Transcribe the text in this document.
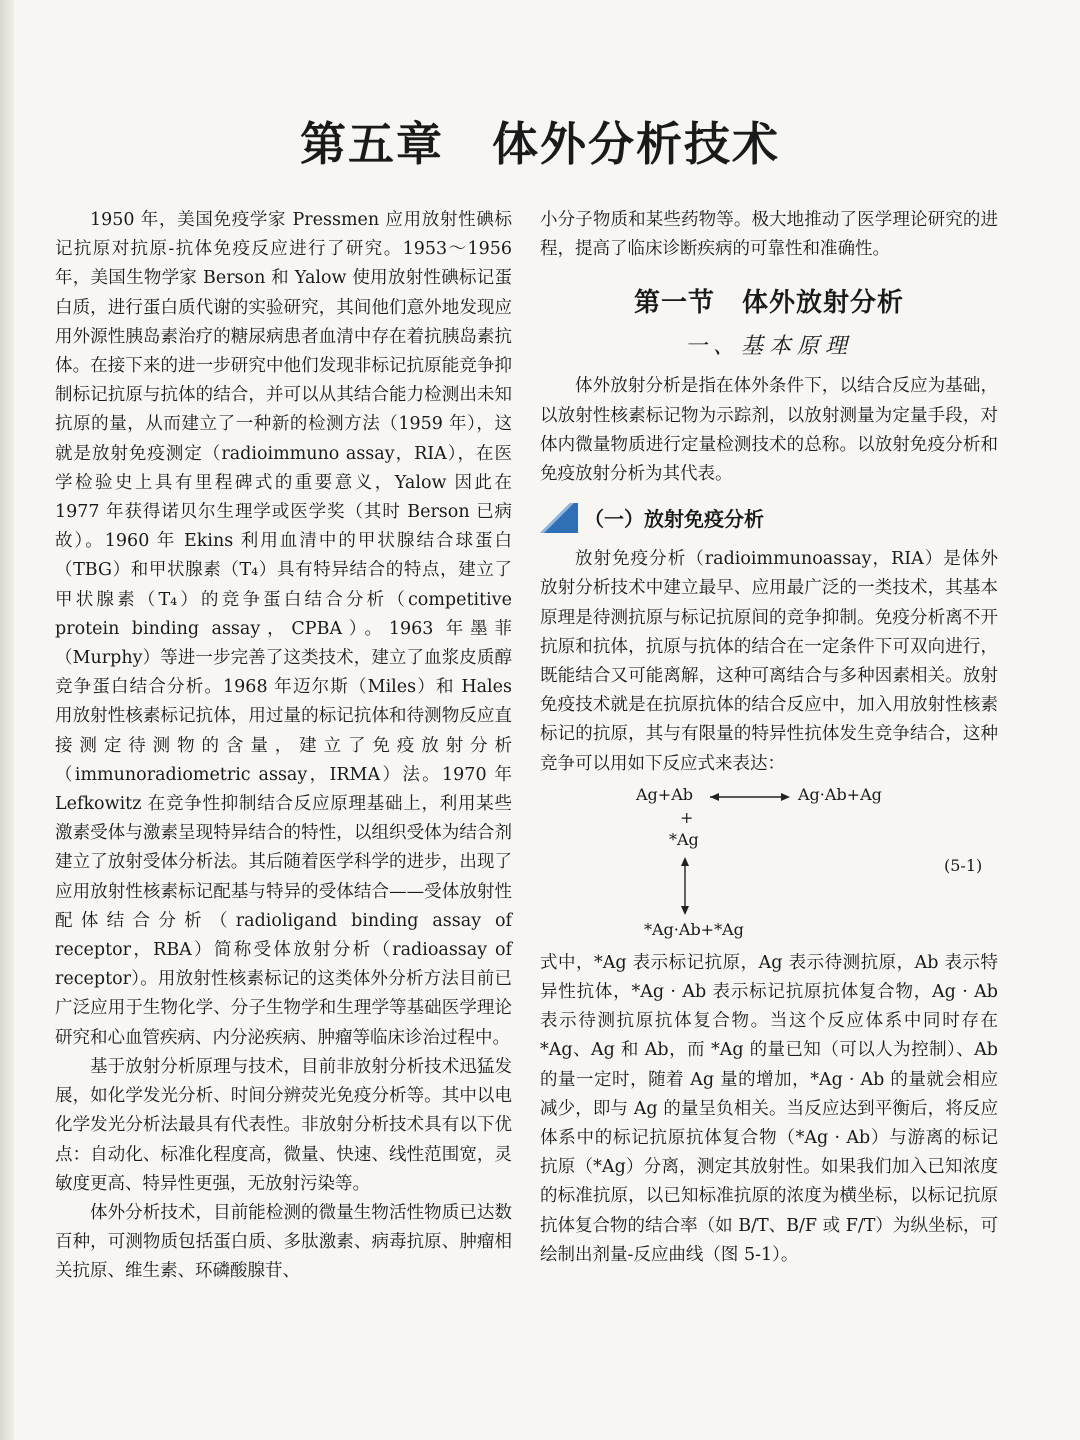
第五章　体外分析技术

1950 年，美国免疫学家 Pressmen 应用放射性碘标记抗原对抗原-抗体免疫反应进行了研究。1953～1956 年，美国生物学家 Berson 和 Yalow 使用放射性碘标记蛋白质，进行蛋白质代谢的实验研究，其间他们意外地发现应用外源性胰岛素治疗的糖尿病患者血清中存在着抗胰岛素抗体。在接下来的进一步研究中他们发现非标记抗原能竞争抑制标记抗原与抗体的结合，并可以从其结合能力检测出未知抗原的量，从而建立了一种新的检测方法（1959 年），这就是放射免疫测定（radioimmuno assay，RIA），在医学检验史上具有里程碑式的重要意义，Yalow 因此在 1977 年获得诺贝尔生理学或医学奖（其时 Berson 已病故）。1960 年 Ekins 利用血清中的甲状腺结合球蛋白（TBG）和甲状腺素（T₄）具有特异结合的特点，建立了甲状腺素（T₄）的竞争蛋白结合分析（competitive protein binding assay，CPBA）。1963 年墨菲（Murphy）等进一步完善了这类技术，建立了血浆皮质醇竞争蛋白结合分析。1968 年迈尔斯（Miles）和 Hales 用放射性核素标记抗体，用过量的标记抗体和待测物反应直接测定待测物的含量，建立了免疫放射分析（immunoradiometric assay，IRMA）法。1970 年 Lefkowitz 在竞争性抑制结合反应原理基础上，利用某些激素受体与激素呈现特异结合的特性，以组织受体为结合剂建立了放射受体分析法。其后随着医学科学的进步，出现了应用放射性核素标记配基与特异的受体结合——受体放射性配体结合分析（radioligand binding assay of receptor，RBA）简称受体放射分析（radioassay of receptor）。用放射性核素标记的这类体外分析方法目前已广泛应用于生物化学、分子生物学和生理学等基础医学理论研究和心血管疾病、内分泌疾病、肿瘤等临床诊治过程中。

基于放射分析原理与技术，目前非放射分析技术迅猛发展，如化学发光分析、时间分辨荧光免疫分析等。其中以电化学发光分析法最具有代表性。非放射分析技术具有以下优点：自动化、标准化程度高，微量、快速、线性范围宽，灵敏度更高、特异性更强，无放射污染等。

体外分析技术，目前能检测的微量生物活性物质已达数百种，可测物质包括蛋白质、多肽激素、病毒抗原、肿瘤相关抗原、维生素、环磷酸腺苷、

小分子物质和某些药物等。极大地推动了医学理论研究的进程，提高了临床诊断疾病的可靠性和准确性。

第一节　体外放射分析
一、基本原理

体外放射分析是指在体外条件下，以结合反应为基础，以放射性核素标记物为示踪剂，以放射测量为定量手段，对体内微量物质进行定量检测技术的总称。以放射免疫分析和免疫放射分析为其代表。

（一）放射免疫分析

放射免疫分析（radioimmunoassay，RIA）是体外放射分析技术中建立最早、应用最广泛的一类技术，其基本原理是待测抗原与标记抗原间的竞争抑制。免疫分析离不开抗原和抗体，抗原与抗体的结合在一定条件下可双向进行，既能结合又可能离解，这种可离结合与多种因素相关。放射免疫技术就是在抗原抗体的结合反应中，加入用放射性核素标记的抗原，其与有限量的特异性抗体发生竞争结合，这种竞争可以用如下反应式来表达：

Ag+Ab	Ag·Ab+Ag
+
*Ag
*Ag·Ab+*Ag
(5-1)

式中，*Ag 表示标记抗原，Ag 表示待测抗原，Ab 表示特异性抗体，*Ag · Ab 表示标记抗原抗体复合物，Ag · Ab 表示待测抗原抗体复合物。当这个反应体系中同时存在 *Ag、Ag 和 Ab，而 *Ag 的量已知（可以人为控制）、Ab 的量一定时，随着 Ag 量的增加，*Ag · Ab 的量就会相应减少，即与 Ag 的量呈负相关。当反应达到平衡后，将反应体系中的标记抗原抗体复合物（*Ag · Ab）与游离的标记抗原（*Ag）分离，测定其放射性。如果我们加入已知浓度的标准抗原，以已知标准抗原的浓度为横坐标，以标记抗原抗体复合物的结合率（如 B/T、B/F 或 F/T）为纵坐标，可绘制出剂量-反应曲线（图 5-1）。
